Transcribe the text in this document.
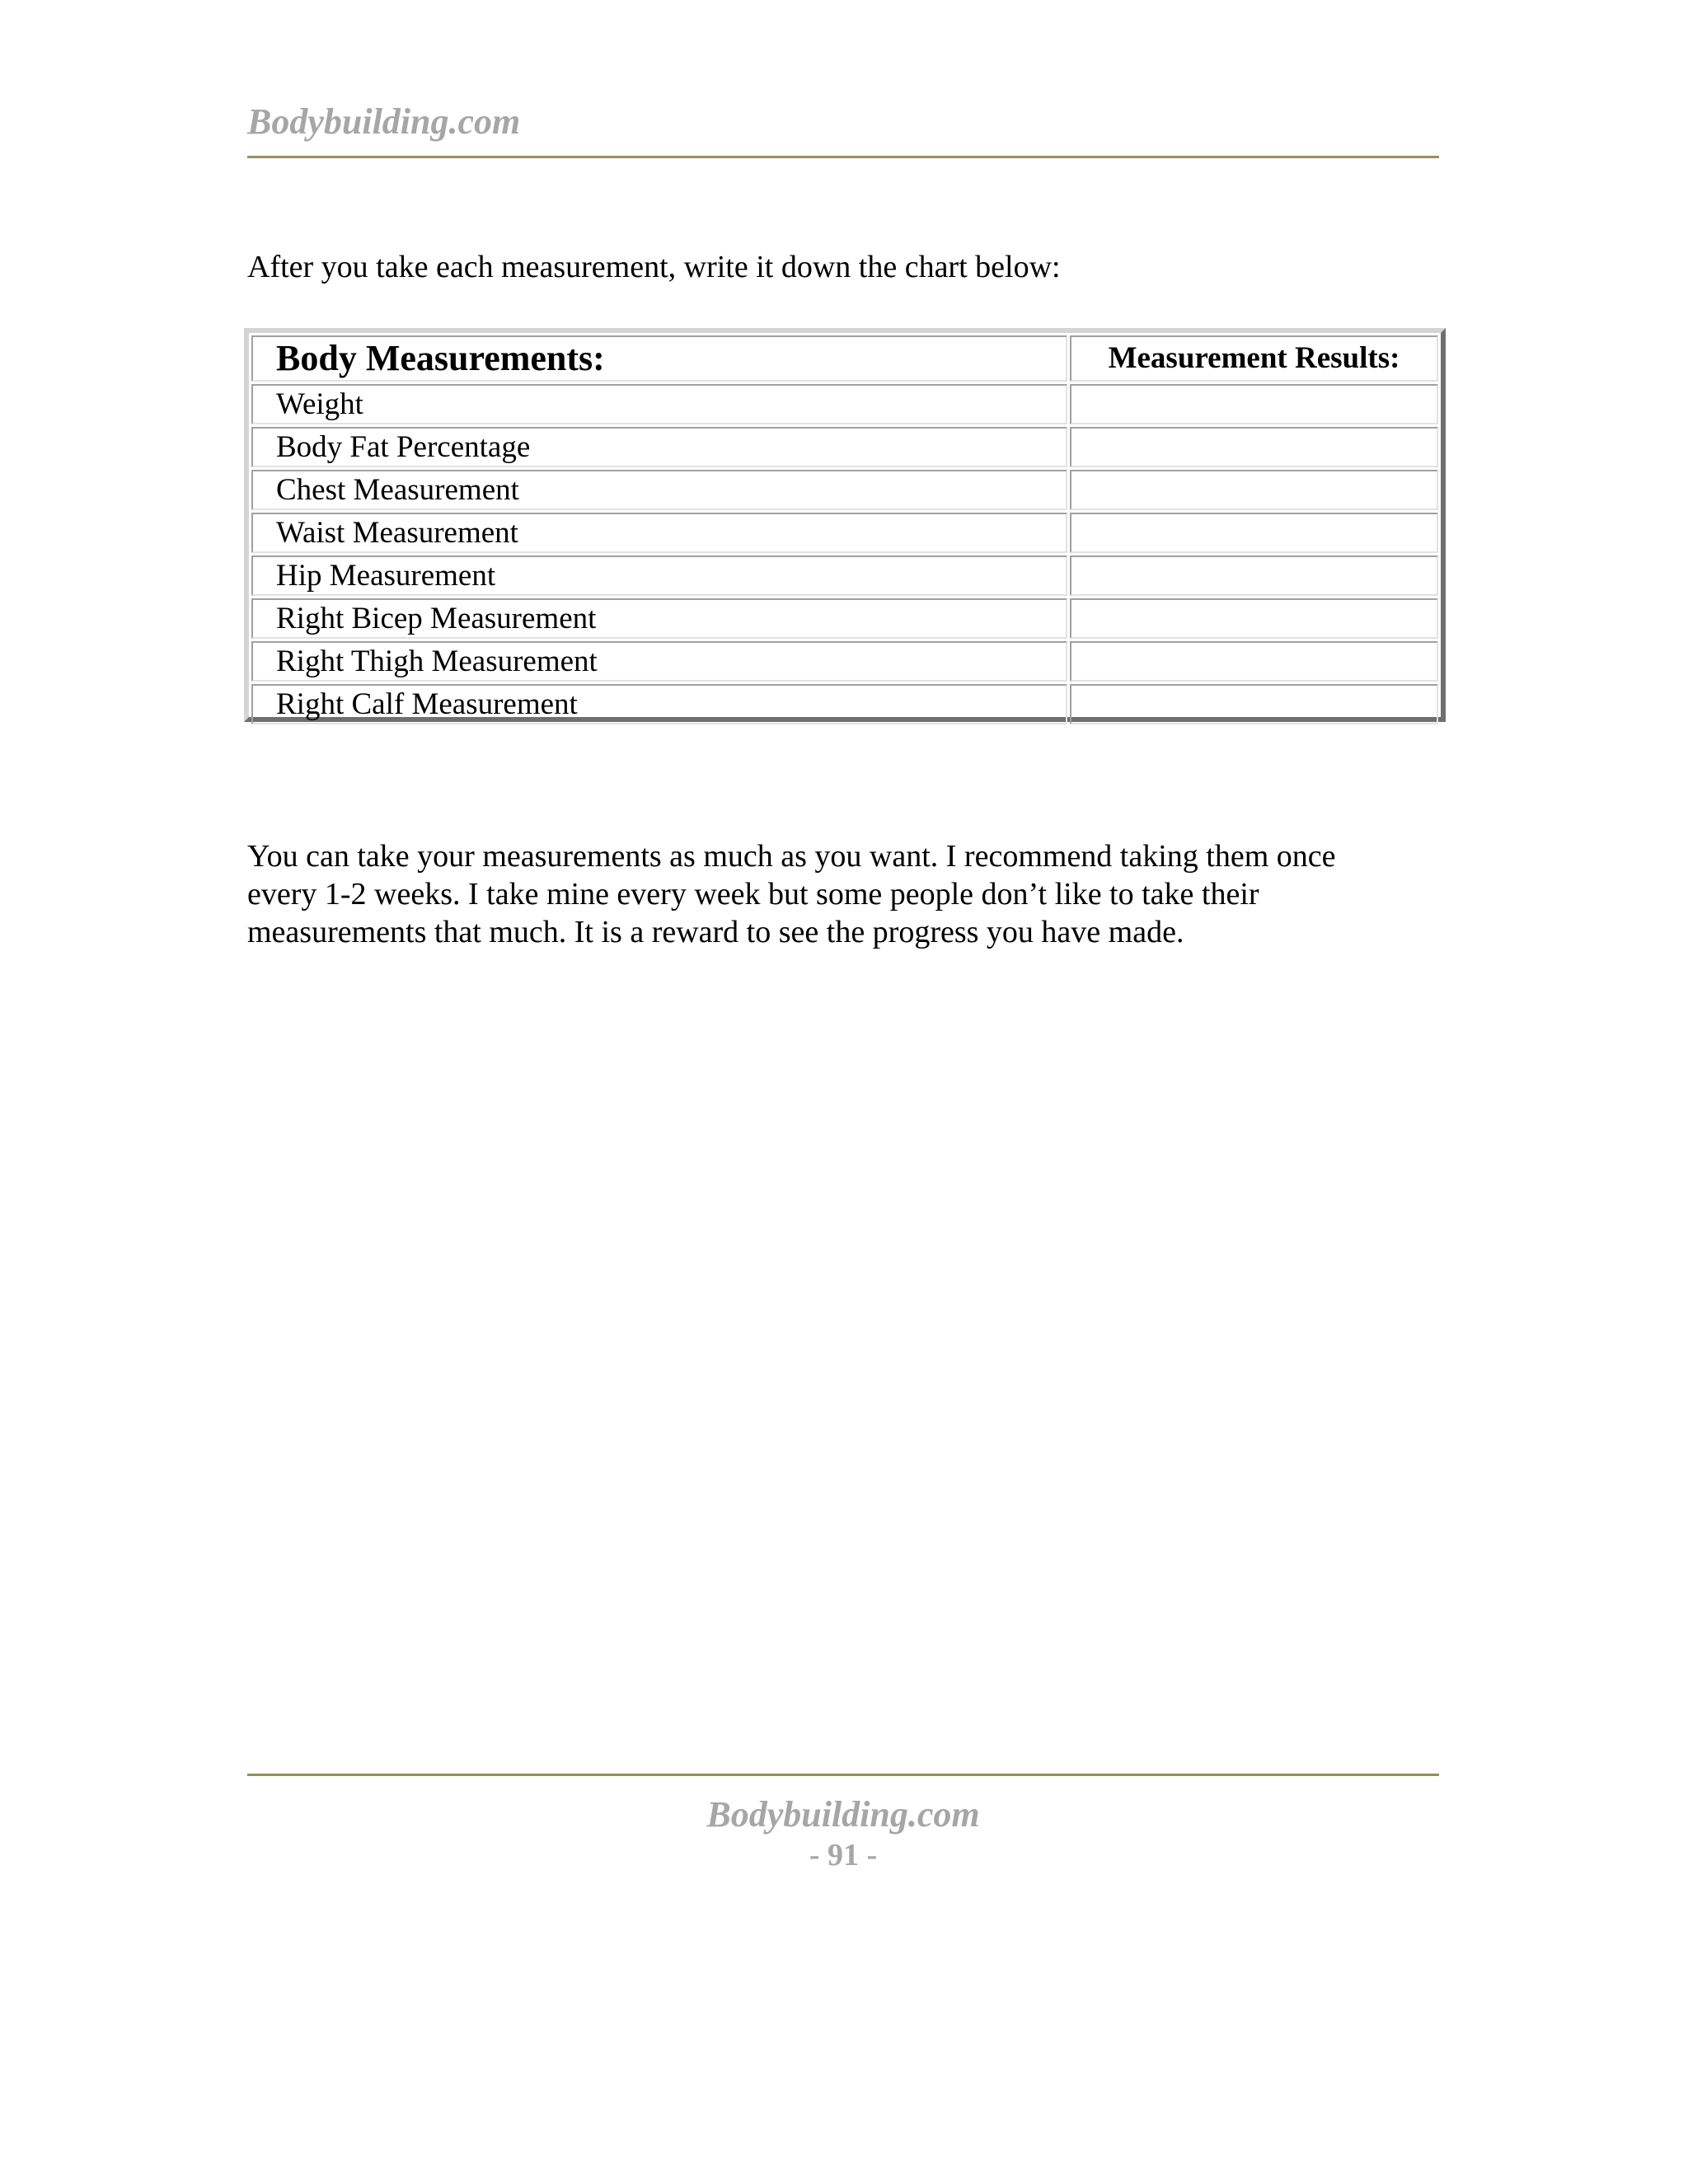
Bodybuilding.com
After you take each measurement, write it down the chart below:
Body Measurements:	Measurement Results:
Weight	
Body Fat Percentage	
Chest Measurement	
Waist Measurement	
Hip Measurement	
Right Bicep Measurement	
Right Thigh Measurement	
Right Calf Measurement	

You can take your measurements as much as you want. I recommend taking them once

every 1-2 weeks. I take mine every week but some people don’t like to take their

measurements that much. It is a reward to see the progress you have made.

Bodybuilding.com
- 91 -
